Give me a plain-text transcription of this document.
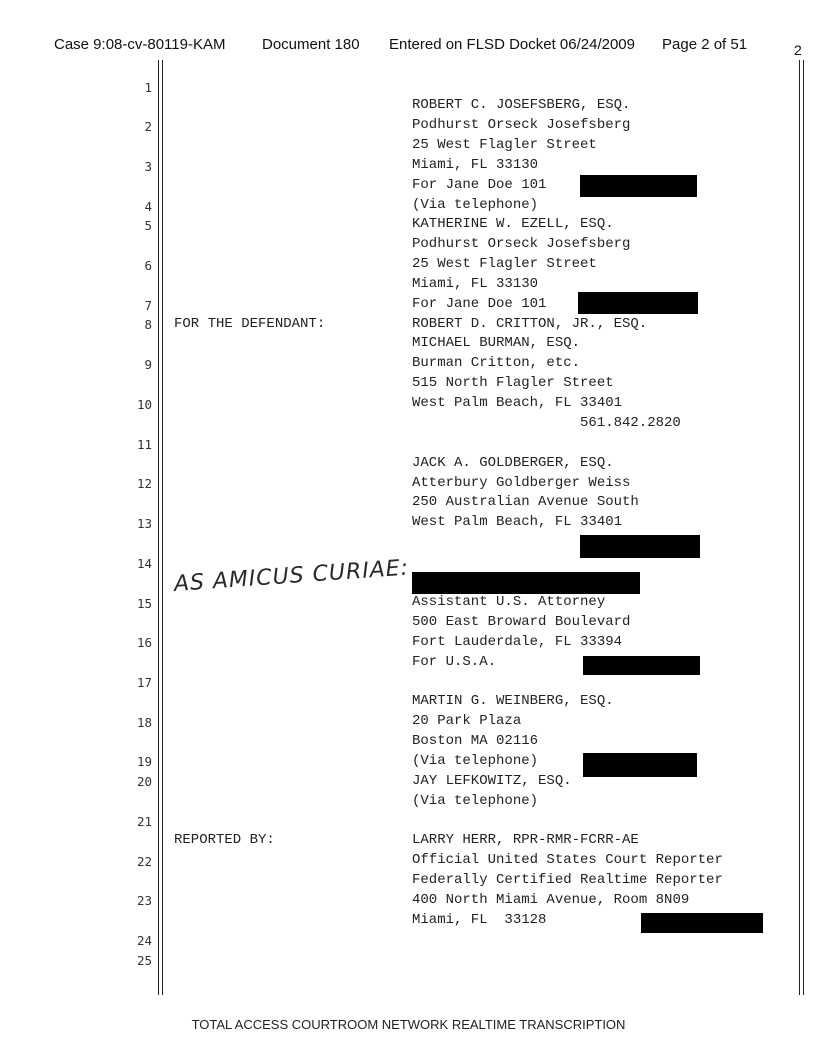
Case 9:08-cv-80119-KAM Document 180 Entered on FLSD Docket 06/24/2009 Page 2 of 51	2
1
2
3
4
5
6
7
8
9
10
11
12
13
14
15
16
17
18
19
20
21
22
23
24
25
FOR THE DEFENDANT:
AS AMICUS CURIAE:
REPORTED BY:
ROBERT C. JOSEFSBERG, ESQ.
Podhurst Orseck Josefsberg
25 West Flagler Street
Miami, FL 33130
For Jane Doe 101
(Via telephone)
KATHERINE W. EZELL, ESQ.
Podhurst Orseck Josefsberg
25 West Flagler Street
Miami, FL 33130
For Jane Doe 101
ROBERT D. CRITTON, JR., ESQ.
MICHAEL BURMAN, ESQ.
Burman Critton, etc.
515 North Flagler Street
West Palm Beach, FL 33401
561.842.2820
JACK A. GOLDBERGER, ESQ.
Atterbury Goldberger Weiss
250 Australian Avenue South
West Palm Beach, FL 33401
Assistant U.S. Attorney
500 East Broward Boulevard
Fort Lauderdale, FL 33394
For U.S.A.
MARTIN G. WEINBERG, ESQ.
20 Park Plaza
Boston MA 02116
(Via telephone)
JAY LEFKOWITZ, ESQ.
(Via telephone)
LARRY HERR, RPR-RMR-FCRR-AE
Official United States Court Reporter
Federally Certified Realtime Reporter
400 North Miami Avenue, Room 8N09
Miami, FL  33128
TOTAL ACCESS COURTROOM NETWORK REALTIME TRANSCRIPTION
